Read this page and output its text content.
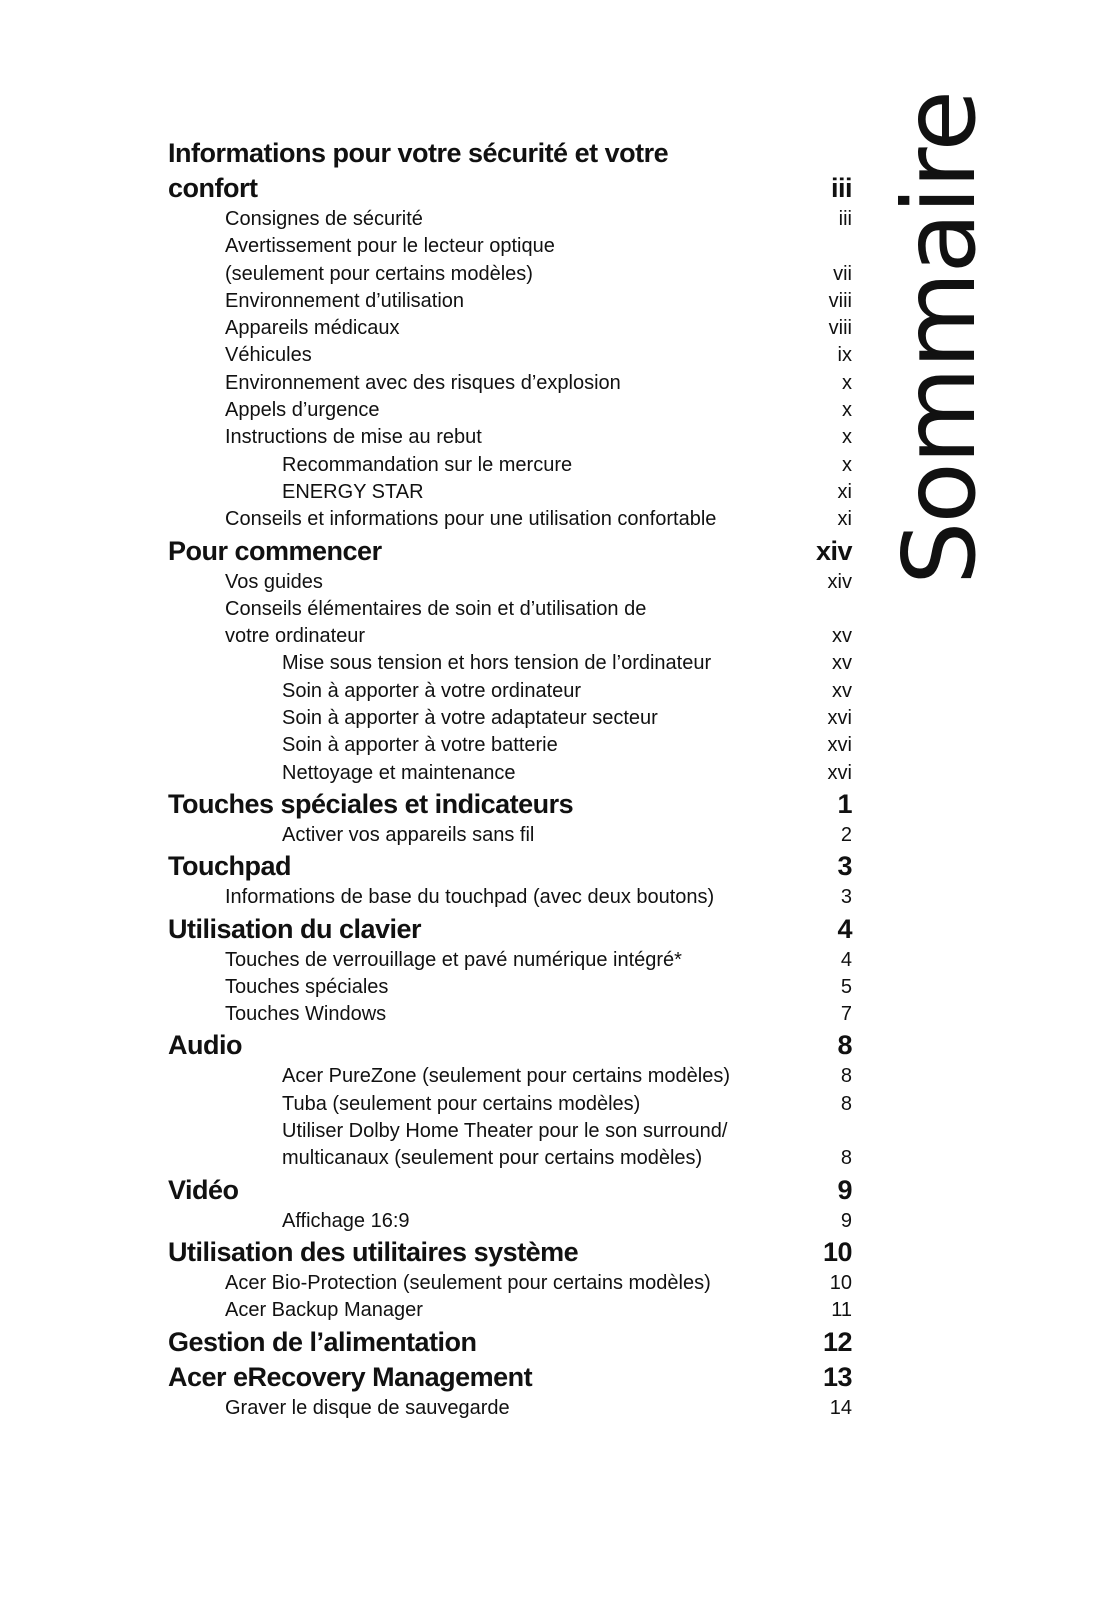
Sommaire
Informations pour votre sécurité et votre
confort	iii
Consignes de sécurité	iii
Avertissement pour le lecteur optique
(seulement pour certains modèles)	vii
Environnement d’utilisation	viii
Appareils médicaux	viii
Véhicules	ix
Environnement avec des risques d’explosion	x
Appels d’urgence	x
Instructions de mise au rebut	x
Recommandation sur le mercure	x
ENERGY STAR	xi
Conseils et informations pour une utilisation confortable	xi
Pour commencer	xiv
Vos guides	xiv
Conseils élémentaires de soin et d’utilisation de
votre ordinateur	xv
Mise sous tension et hors tension de l’ordinateur	xv
Soin à apporter à votre ordinateur	xv
Soin à apporter à votre adaptateur secteur	xvi
Soin à apporter à votre batterie	xvi
Nettoyage et maintenance	xvi
Touches spéciales et indicateurs	1
Activer vos appareils sans fil	2
Touchpad	3
Informations de base du touchpad (avec deux boutons)	3
Utilisation du clavier	4
Touches de verrouillage et pavé numérique intégré*	4
Touches spéciales	5
Touches Windows	7
Audio	8
Acer PureZone (seulement pour certains modèles)	8
Tuba (seulement pour certains modèles)	8
Utiliser Dolby Home Theater pour le son surround/
multicanaux (seulement pour certains modèles)	8
Vidéo	9
Affichage 16:9	9
Utilisation des utilitaires système	10
Acer Bio-Protection (seulement pour certains modèles)	10
Acer Backup Manager	11
Gestion de l’alimentation	12
Acer eRecovery Management	13
Graver le disque de sauvegarde	14
